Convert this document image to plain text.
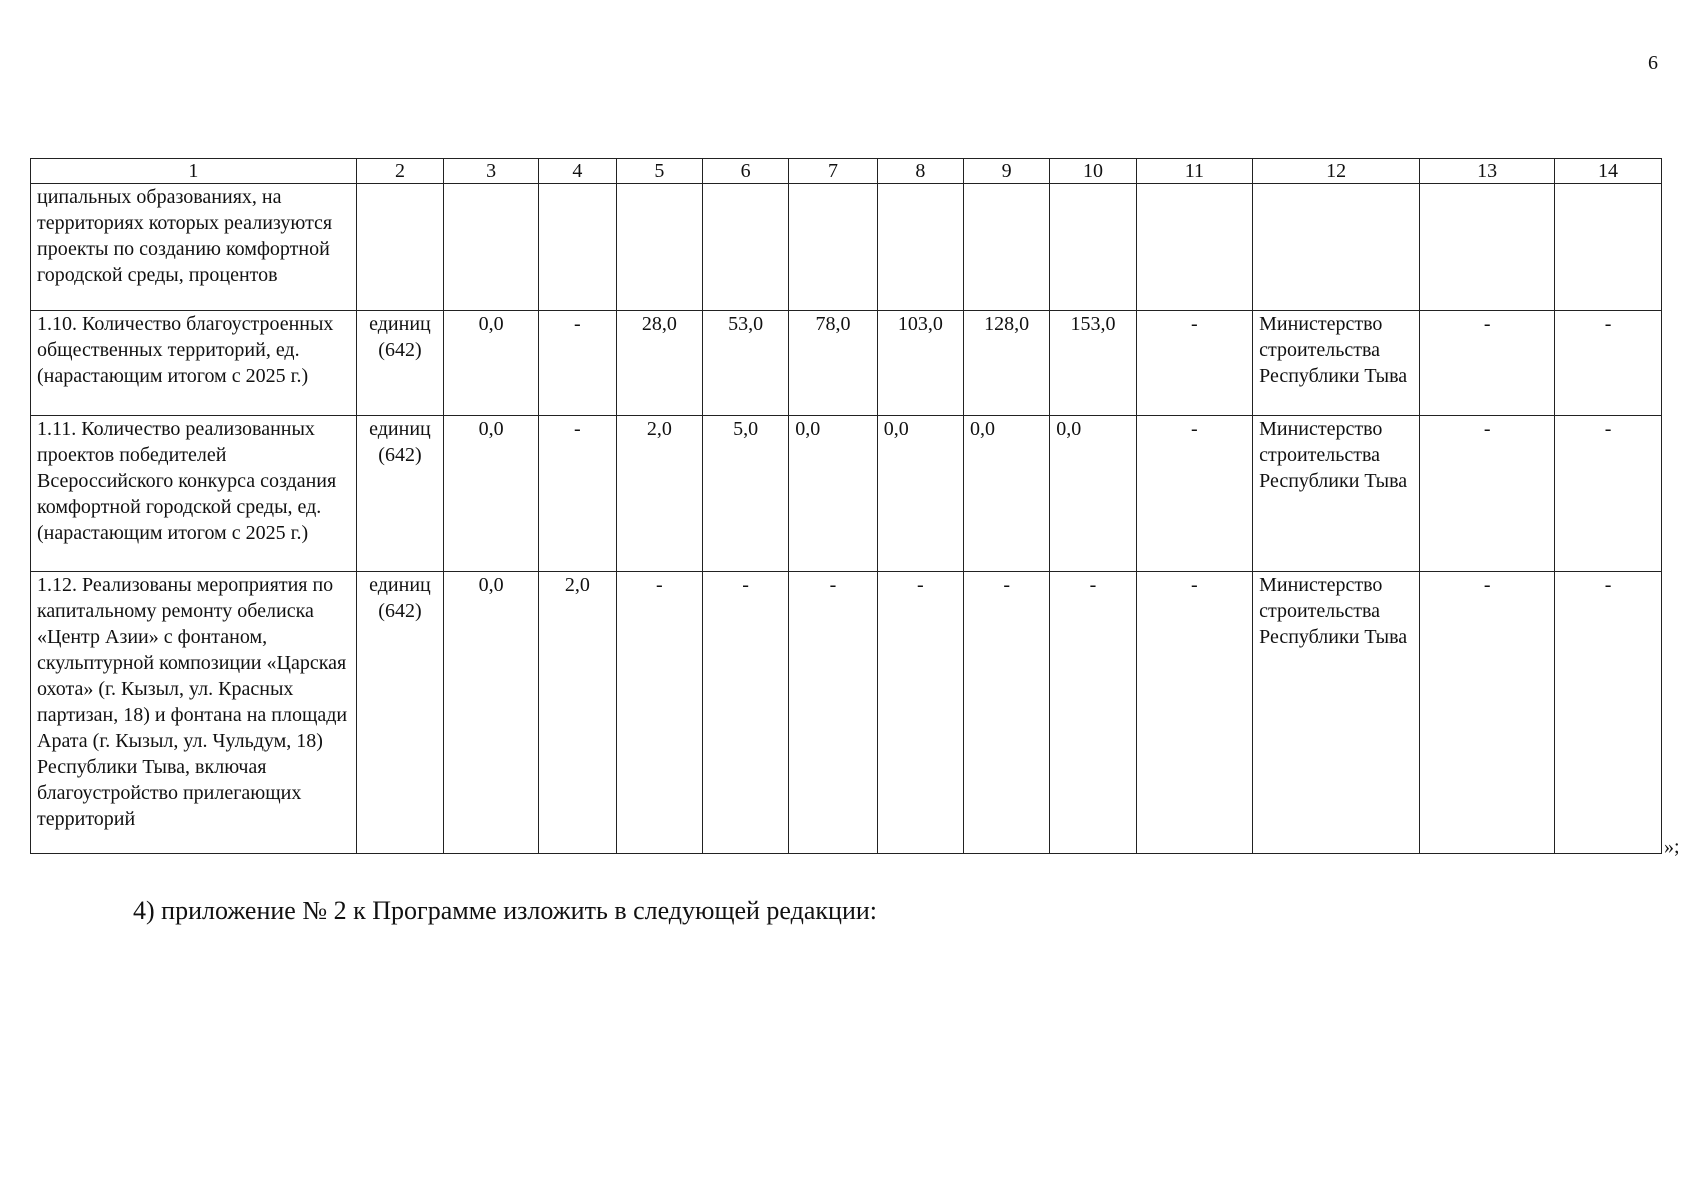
6
1	2	3	4	5	6	7	8	9	10	11	12	13	14
ципальных образованиях, на территориях которых реализуются проекты по созданию комфортной городской среды, процентов													
1.10. Количество благоустроенных общественных территорий, ед. (нарастающим итогом с 2025 г.)	единиц (642)	0,0	-	28,0	53,0	78,0	103,0	128,0	153,0	-	Министерство строительства Республики Тыва	-	-
1.11. Количество реализованных проектов победителей Всероссийского конкурса создания комфортной городской среды, ед. (нарастающим итогом с 2025 г.)	единиц (642)	0,0	-	2,0	5,0	0,0	0,0	0,0	0,0	-	Министерство строительства Республики Тыва	-	-
1.12. Реализованы мероприятия по капитальному ремонту обелиска «Центр Азии» с фонтаном, скульптурной композиции «Царская охота» (г. Кызыл, ул. Красных партизан, 18) и фонтана на площади Арата (г. Кызыл, ул. Чульдум, 18) Республики Тыва, включая благоустройство прилегающих территорий	единиц (642)	0,0	2,0	-	-	-	-	-	-	-	Министерство строительства Республики Тыва	-	-
»;
4) приложение № 2 к Программе изложить в следующей редакции:
